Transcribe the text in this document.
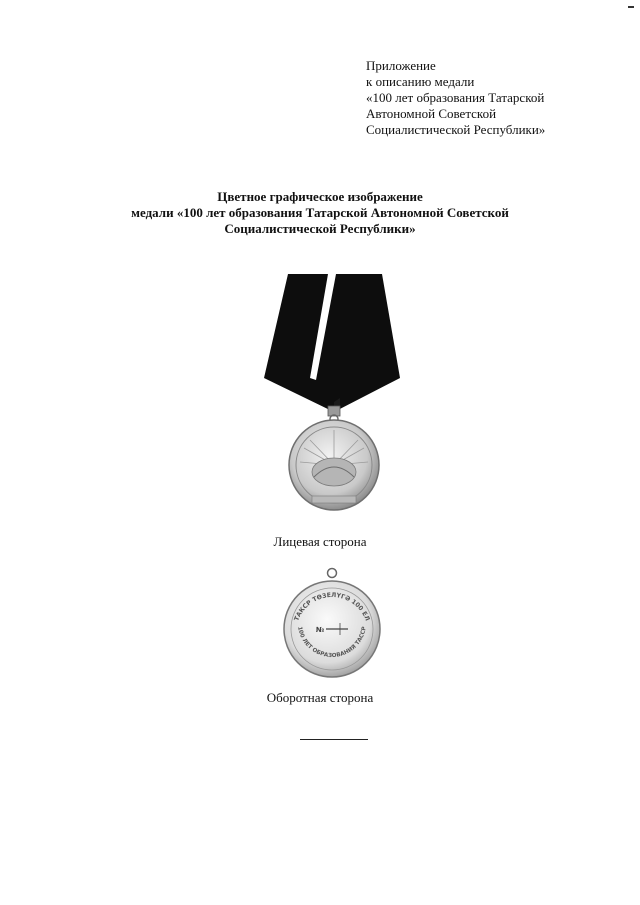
Приложение
к описанию медали
«100 лет образования Татарской
Автономной Советской
Социалистической Республики»
Цветное графическое изображение
медали «100 лет образования Татарской Автономной Советской
Социалистической Республики»
Лицевая сторона
ТАКСР ТӨЗЕЛҮГӘ 100 ЕЛ
100 ЛЕТ ОБРАЗОВАНИЯ ТАССР
№
Оборотная сторона
